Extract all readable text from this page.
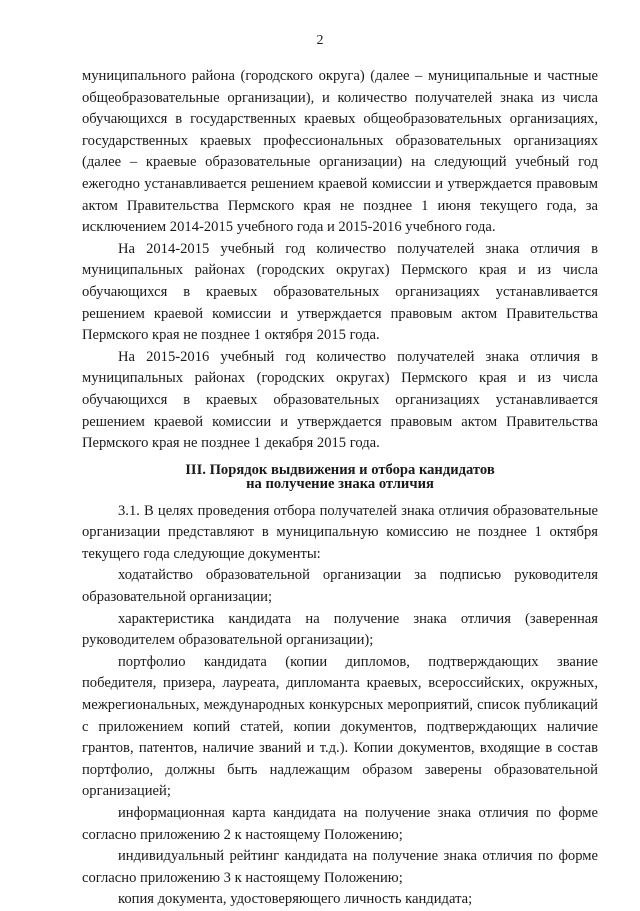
2

муниципального района (городского округа) (далее – муниципальные и частные общеобразовательные организации), и количество получателей знака из числа обучающихся в государственных краевых общеобразовательных организациях, государственных краевых профессиональных образовательных организациях (далее – краевые образовательные организации) на следующий учебный год ежегодно устанавливается решением краевой комиссии и утверждается правовым актом Правительства Пермского края не позднее 1 июня текущего года, за исключением 2014-2015 учебного года и 2015-2016 учебного года.

На 2014-2015 учебный год количество получателей знака отличия в муниципальных районах (городских округах) Пермского края и из числа обучающихся в краевых образовательных организациях устанавливается решением краевой комиссии и утверждается правовым актом Правительства Пермского края не позднее 1 октября 2015 года.

На 2015-2016 учебный год количество получателей знака отличия в муниципальных районах (городских округах) Пермского края и из числа обучающихся в краевых образовательных организациях устанавливается решением краевой комиссии и утверждается правовым актом Правительства Пермского края не позднее 1 декабря 2015 года.

III. Порядок выдвижения и отбора кандидатов

на получение знака отличия

3.1. В целях проведения отбора получателей знака отличия образовательные организации представляют в муниципальную комиссию не позднее 1 октября текущего года следующие документы:

ходатайство образовательной организации за подписью руководителя образовательной организации;

характеристика кандидата на получение знака отличия (заверенная руководителем образовательной организации);

портфолио кандидата (копии дипломов, подтверждающих звание победителя, призера, лауреата, дипломанта краевых, всероссийских, окружных, межрегиональных, международных конкурсных мероприятий, список публикаций с приложением копий статей, копии документов, подтверждающих наличие грантов, патентов, наличие званий и т.д.). Копии документов, входящие в состав портфолио, должны быть надлежащим образом заверены образовательной организацией;

информационная карта кандидата на получение знака отличия по форме согласно приложению 2 к настоящему Положению;

индивидуальный рейтинг кандидата на получение знака отличия по форме согласно приложению 3 к настоящему Положению;

копия документа, удостоверяющего личность кандидата;
